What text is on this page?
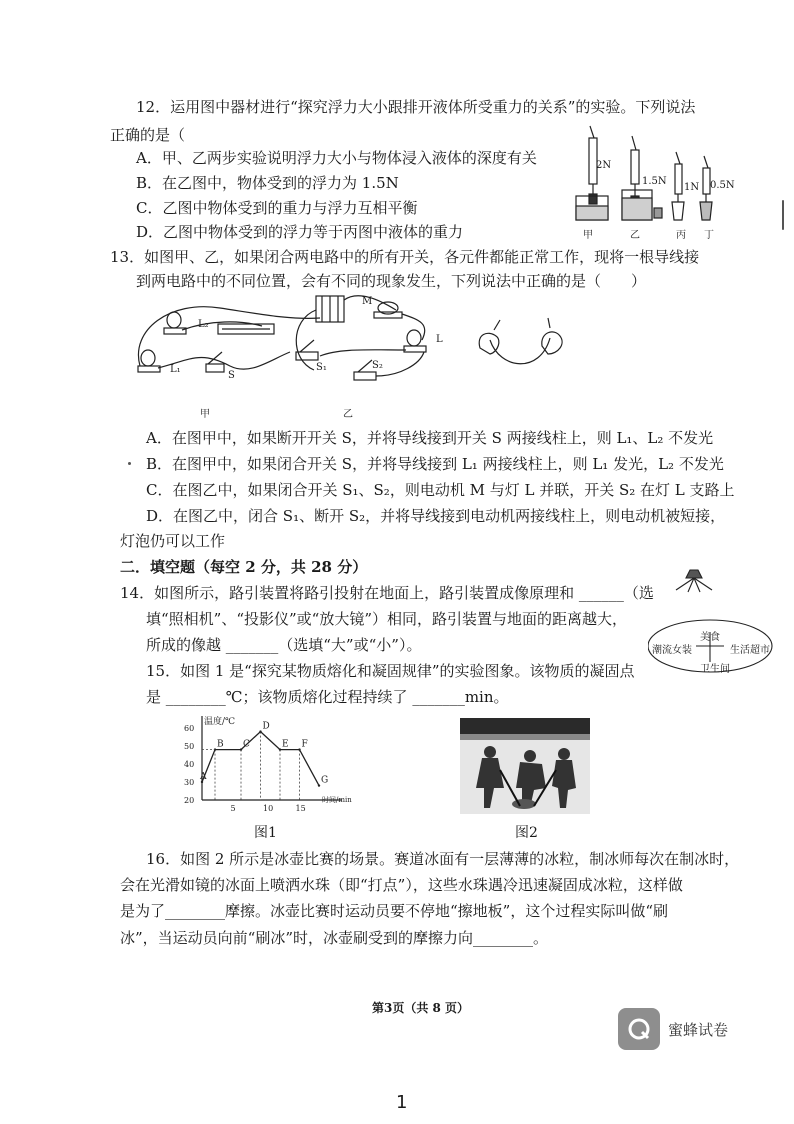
12．运用图中器材进行“探究浮力大小跟排开液体所受重力的关系”的实验。下列说法
正确的是（
A．甲、乙两步实验说明浮力大小与物体浸入液体的深度有关
B．在乙图中，物体受到的浮力为 1.5N
C．乙图中物体受到的重力与浮力互相平衡
D．乙图中物体受到的浮力等于丙图中液体的重力
2N
1.5N
1N 0.5N
甲	乙	丙 丁
13．如图甲、乙，如果闭合两电路中的所有开关，各元件都能正常工作，现将一根导线接
到两电路中的不同位置，会有不同的现象发生，下列说法中正确的是（　　）
L₂
L₁
S
M
L
S₁	S₂
甲	乙
A．在图甲中，如果断开开关 S，并将导线接到开关 S 两接线柱上，则 L₁、L₂ 不发光
B．在图甲中，如果闭合开关 S，并将导线接到 L₁ 两接线柱上，则 L₁ 发光，L₂ 不发光
C．在图乙中，如果闭合开关 S₁、S₂，则电动机 M 与灯 L 并联，开关 S₂ 在灯 L 支路上
D．在图乙中，闭合 S₁、断开 S₂，并将导线接到电动机两接线柱上，则电动机被短接，
灯泡仍可以工作
二．填空题（每空 2 分，共 28 分）
14．如图所示，路引装置将路引投射在地面上，路引装置成像原理和 ______（选
填“照相机”、“投影仪”或“放大镜”）相同，路引装置与地面的距离越大，
所成的像越 _______（选填“大”或“小”）。	美食
潮流女装	生活超市
卫生间
15．如图 1 是“探究某物质熔化和凝固规律”的实验图象。该物质的凝固点
是 ________℃；该物质熔化过程持续了 _______min。
温度/℃
时间/min
20
30
40
50
60
5	10	15
A
B C
D
E F
G
图1	图2
16．如图 2 所示是冰壶比赛的场景。赛道冰面有一层薄薄的冰粒，制冰师每次在制冰时，
会在光滑如镜的冰面上喷洒水珠（即“打点”），这些水珠遇冷迅速凝固成冰粒，这样做
是为了________摩擦。冰壶比赛时运动员要不停地“擦地板”，这个过程实际叫做“刷
冰”，当运动员向前“刷冰”时，冰壶刷受到的摩擦力向________。
第3页（共 8 页）
蜜蜂试卷
1
